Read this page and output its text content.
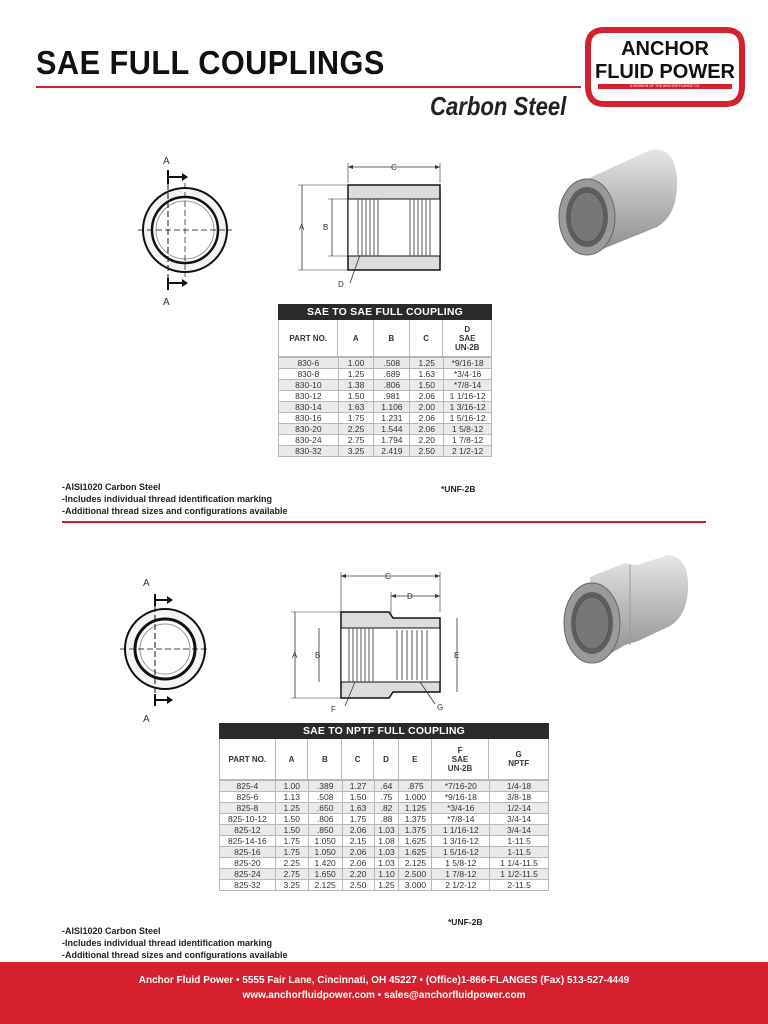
SAE FULL COUPLINGS
Carbon Steel
ANCHOR
FLUID POWER
A DIVISION OF THE ANCHOR FLANGE CO.
A
A
C
A B
D
SAE TO SAE FULL COUPLING
PART NO.	A	B	C
D
SAE
UN-2B
830-6	1.00	.508	1.25	*9/16-18
830-8	1.25	.689	1.63	*3/4-16
830-10	1.38	.806	1.50	*7/8-14
830-12	1.50	.981	2.06	1 1/16-12
830-14	1.63	1.106	2.00	1 3/16-12
830-16	1.75	1.231	2.06	1 5/16-12
830-20	2.25	1.544	2.06	1 5/8-12
830-24	2.75	1.794	2.20	1 7/8-12
830-32	3.25	2.419	2.50	2 1/2-12
*UNF-2B
-AISI1020 Carbon Steel
-Includes individual thread identification marking
-Additional thread sizes and configurations available
A
A
C
D
A B	E
F	G
SAE TO NPTF FULL COUPLING
PART NO.	A	B	C	D	E
F
SAE
UN-2B
G
NPTF
825-4	1.00	.389	1.27	.64	.875	*7/16-20	1/4-18
825-6	1.13	.508	1.50	.75	1.000	*9/16-18	3/8-18
825-8	1.25	.650	1.63	.82	1.125	*3/4-16	1/2-14
825-10-12	1.50	.806	1.75	.88	1.375	*7/8-14	3/4-14
825-12	1.50	.850	2.06	1.03	1.375	1 1/16-12	3/4-14
825-14-16	1.75	1.050	2.15	1.08	1.625	1 3/16-12	1-11.5
825-16	1.75	1.050	2.06	1.03	1.625	1 5/16-12	1-11.5
825-20	2.25	1.420	2.06	1.03	2.125	1 5/8-12	1 1/4-11.5
825-24	2.75	1.650	2.20	1.10	2.500	1 7/8-12	1 1/2-11.5
825-32	3.25	2.125	2.50	1.25	3.000	2 1/2-12	2-11.5
*UNF-2B
-AISI1020 Carbon Steel
-Includes individual thread identification marking
-Additional thread sizes and configurations available
Anchor Fluid Power • 5555 Fair Lane, Cincinnati, OH 45227 • (Office)1-866-FLANGES (Fax) 513-527-4449
www.anchorfluidpower.com • sales@anchorfluidpower.com
